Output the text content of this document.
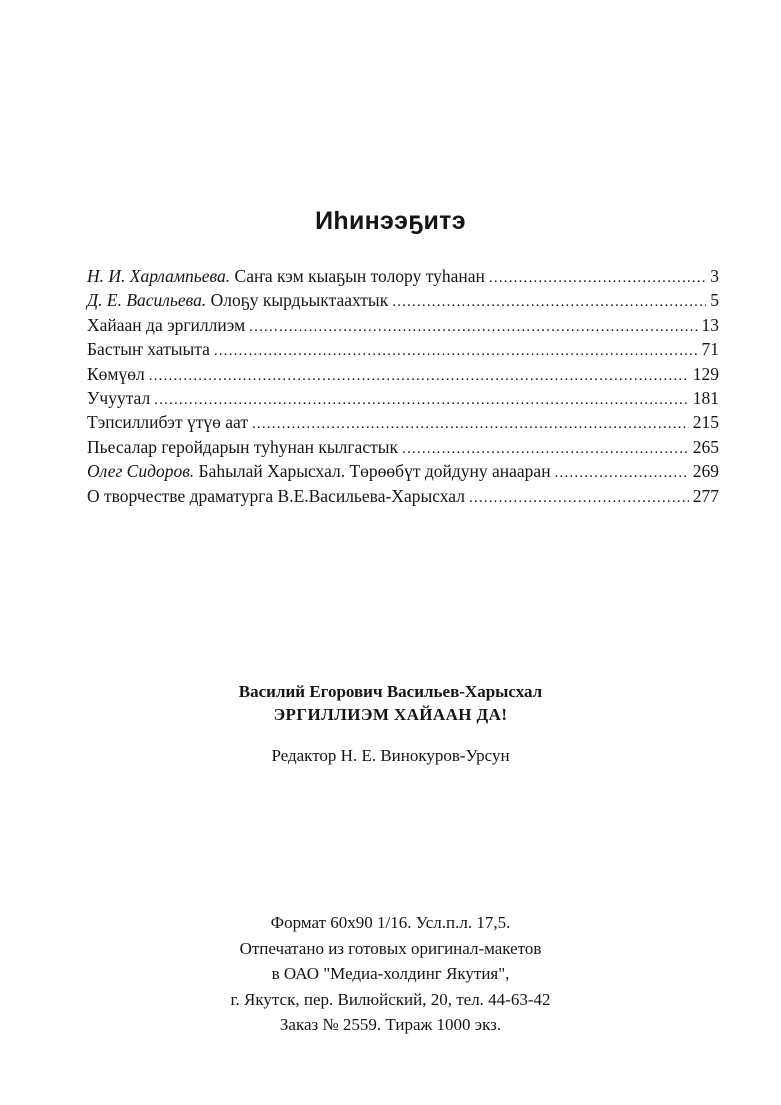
Иһинээҕитэ
Н. И. Харлампьева. Саҥа кэм кыаҕын толору туһанан .....	3
Д. Е. Васильева. Олоҕу кырдьыктаахтык .....	5
Хайаан да эргиллиэм .....	13
Бастыҥ хатыыта .....	71
Көмүөл .....	129
Учуутал .....	181
Тэпсиллибэт үтүө аат .....	215
Пьесалар геройдарын туһунан кылгастык .....	265
Олег Сидоров. Баһылай Харысхал. Төрөөбүт дойдуну анааран .....	269
О творчестве драматурга В.Е.Васильева-Харысхал .....	277
Василий Егорович Васильев-Харысхал
ЭРГИЛЛИЭМ ХАЙААН ДА!
Редактор Н. Е. Винокуров-Урсун
Формат 60х90 1/16. Усл.п.л. 17,5.
Отпечатано из готовых оригинал-макетов
в ОАО "Медиа-холдинг Якутия",
г. Якутск, пер. Вилюйский, 20, тел. 44-63-42
Заказ № 2559. Тираж 1000 экз.
